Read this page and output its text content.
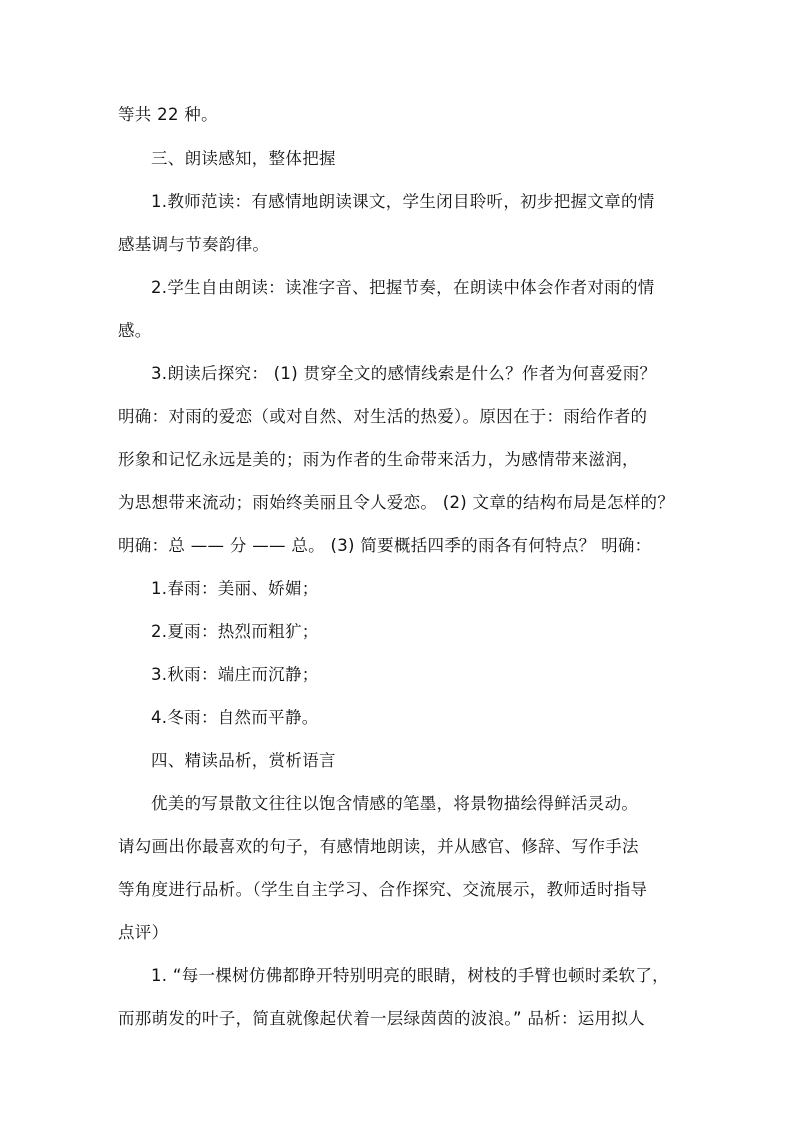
等共 22 种。
三、朗读感知，整体把握
1.教师范读：有感情地朗读课文，学生闭目聆听，初步把握文章的情
感基调与节奏韵律。
2.学生自由朗读：读准字音、把握节奏，在朗读中体会作者对雨的情
感。
3.朗读后探究： (1) 贯穿全文的感情线索是什么？作者为何喜爱雨？
明确：对雨的爱恋（或对自然、对生活的热爱）。原因在于：雨给作者的
形象和记忆永远是美的；雨为作者的生命带来活力，为感情带来滋润，
为思想带来流动；雨始终美丽且令人爱恋。 (2) 文章的结构布局是怎样的？
明确：总 —— 分 —— 总。 (3) 简要概括四季的雨各有何特点？ 明确：
1.春雨：美丽、娇媚；
2.夏雨：热烈而粗犷；
3.秋雨：端庄而沉静；
4.冬雨：自然而平静。
四、精读品析，赏析语言
优美的写景散文往往以饱含情感的笔墨，将景物描绘得鲜活灵动。
请勾画出你最喜欢的句子，有感情地朗读，并从感官、修辞、写作手法
等角度进行品析。（学生自主学习、合作探究、交流展示，教师适时指导
点评）
1. “每一棵树仿佛都睁开特别明亮的眼睛，树枝的手臂也顿时柔软了，
而那萌发的叶子，简直就像起伏着一层绿茵茵的波浪。” 品析：运用拟人
